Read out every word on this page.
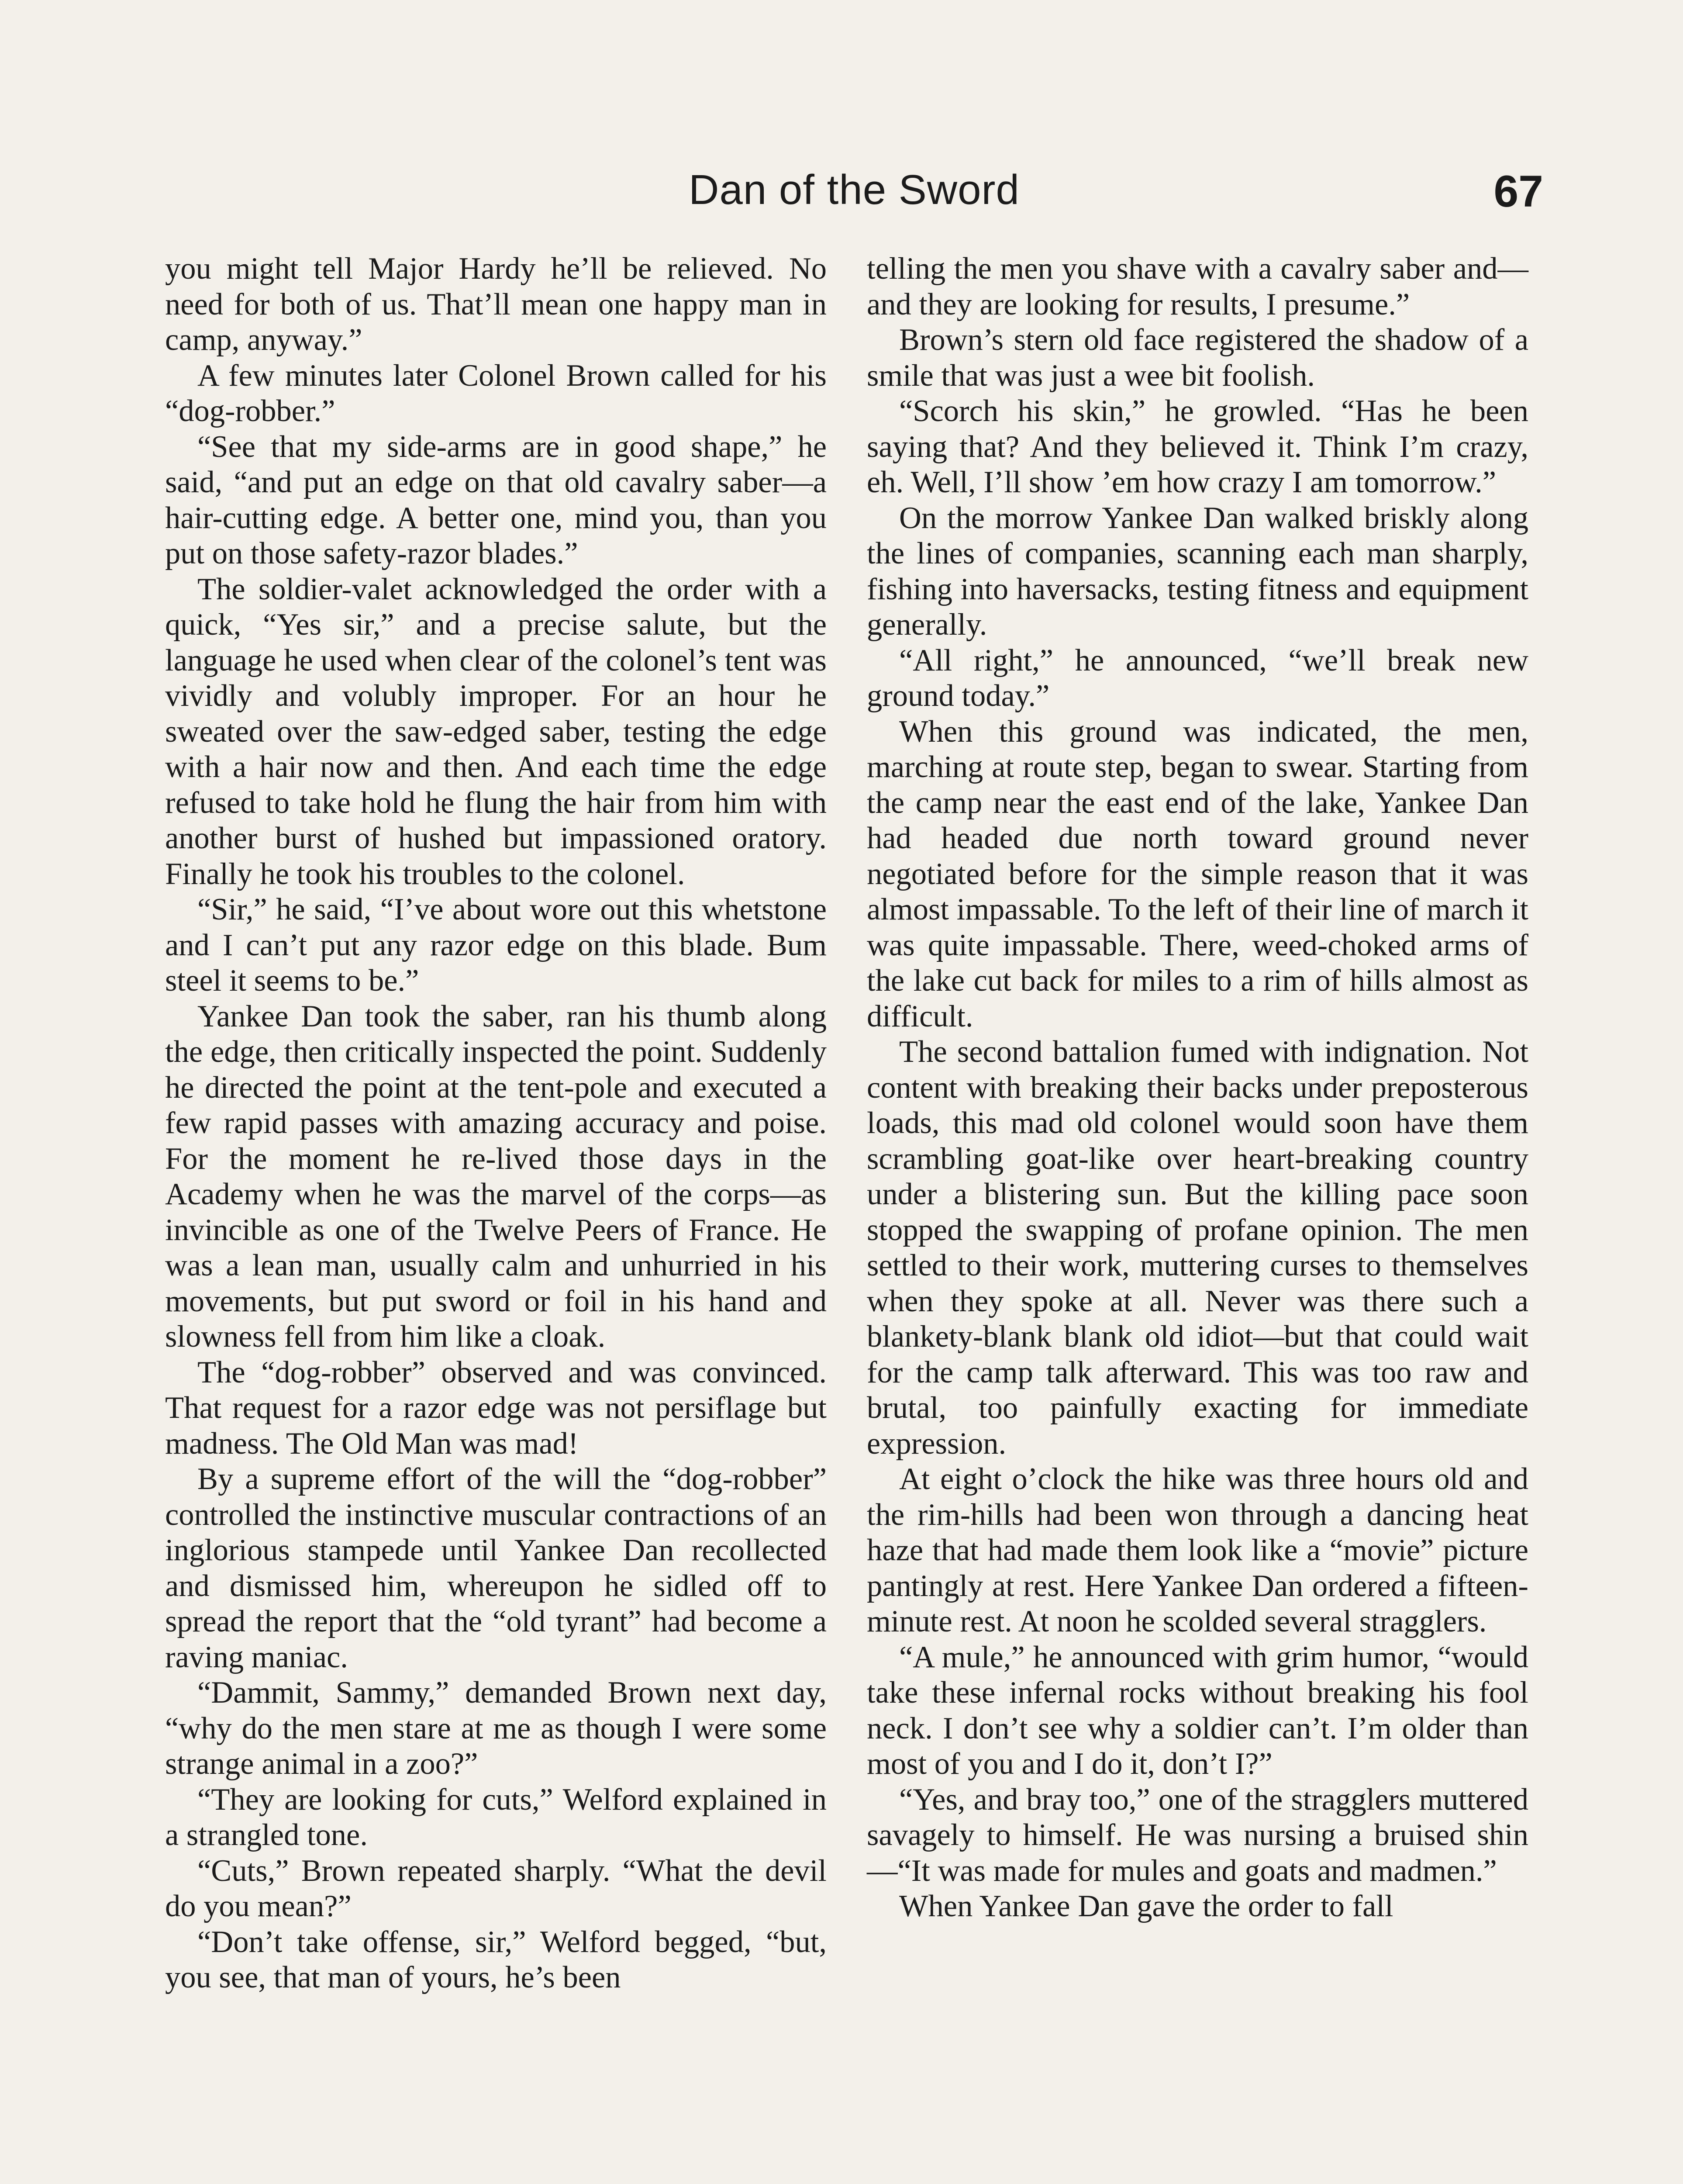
Dan of the Sword	67

you might tell Major Hardy he’ll be relieved. No need for both of us. That’ll mean one happy man in camp, anyway.”

A few minutes later Colonel Brown called for his “dog-robber.”

“See that my side-arms are in good shape,” he said, “and put an edge on that old cavalry saber—a hair-cutting edge. A better one, mind you, than you put on those safety-razor blades.”

The soldier-valet acknowledged the order with a quick, “Yes sir,” and a precise salute, but the language he used when clear of the colonel’s tent was vividly and volubly improper. For an hour he sweated over the saw-edged saber, testing the edge with a hair now and then. And each time the edge refused to take hold he flung the hair from him with another burst of hushed but impassioned oratory. Finally he took his troubles to the colonel.

“Sir,” he said, “I’ve about wore out this whetstone and I can’t put any razor edge on this blade. Bum steel it seems to be.”

Yankee Dan took the saber, ran his thumb along the edge, then critically inspected the point. Suddenly he directed the point at the tent-pole and executed a few rapid passes with amazing accuracy and poise. For the moment he re-lived those days in the Academy when he was the marvel of the corps—as invincible as one of the Twelve Peers of France. He was a lean man, usually calm and unhurried in his movements, but put sword or foil in his hand and slowness fell from him like a cloak.

The “dog-robber” observed and was convinced. That request for a razor edge was not persiflage but madness. The Old Man was mad!

By a supreme effort of the will the “dog-robber” controlled the instinctive muscular contractions of an inglorious stampede until Yankee Dan recollected and dismissed him, whereupon he sidled off to spread the report that the “old tyrant” had become a raving maniac.

“Dammit, Sammy,” demanded Brown next day, “why do the men stare at me as though I were some strange animal in a zoo?”

“They are looking for cuts,” Welford explained in a strangled tone.

“Cuts,” Brown repeated sharply. “What the devil do you mean?”

“Don’t take offense, sir,” Welford begged, “but, you see, that man of yours, he’s been

telling the men you shave with a cavalry saber and—and they are looking for results, I presume.”

Brown’s stern old face registered the shadow of a smile that was just a wee bit foolish.

“Scorch his skin,” he growled. “Has he been saying that? And they believed it. Think I’m crazy, eh. Well, I’ll show ’em how crazy I am tomorrow.”

On the morrow Yankee Dan walked briskly along the lines of companies, scanning each man sharply, fishing into haversacks, testing fitness and equipment generally.

“All right,” he announced, “we’ll break new ground today.”

When this ground was indicated, the men, marching at route step, began to swear. Starting from the camp near the east end of the lake, Yankee Dan had headed due north toward ground never negotiated before for the simple reason that it was almost impassable. To the left of their line of march it was quite impassable. There, weed-choked arms of the lake cut back for miles to a rim of hills almost as difficult.

The second battalion fumed with indignation. Not content with breaking their backs under preposterous loads, this mad old colonel would soon have them scrambling goat-like over heart-breaking country under a blistering sun. But the killing pace soon stopped the swapping of profane opinion. The men settled to their work, muttering curses to themselves when they spoke at all. Never was there such a blankety-blank blank old idiot—but that could wait for the camp talk afterward. This was too raw and brutal, too painfully exacting for immediate expression.

At eight o’clock the hike was three hours old and the rim-hills had been won through a dancing heat haze that had made them look like a “movie” picture pantingly at rest. Here Yankee Dan ordered a fifteen-minute rest. At noon he scolded several stragglers.

“A mule,” he announced with grim humor, “would take these infernal rocks without breaking his fool neck. I don’t see why a soldier can’t. I’m older than most of you and I do it, don’t I?”

“Yes, and bray too,” one of the stragglers muttered savagely to himself. He was nursing a bruised shin—“It was made for mules and goats and madmen.”

When Yankee Dan gave the order to fall
